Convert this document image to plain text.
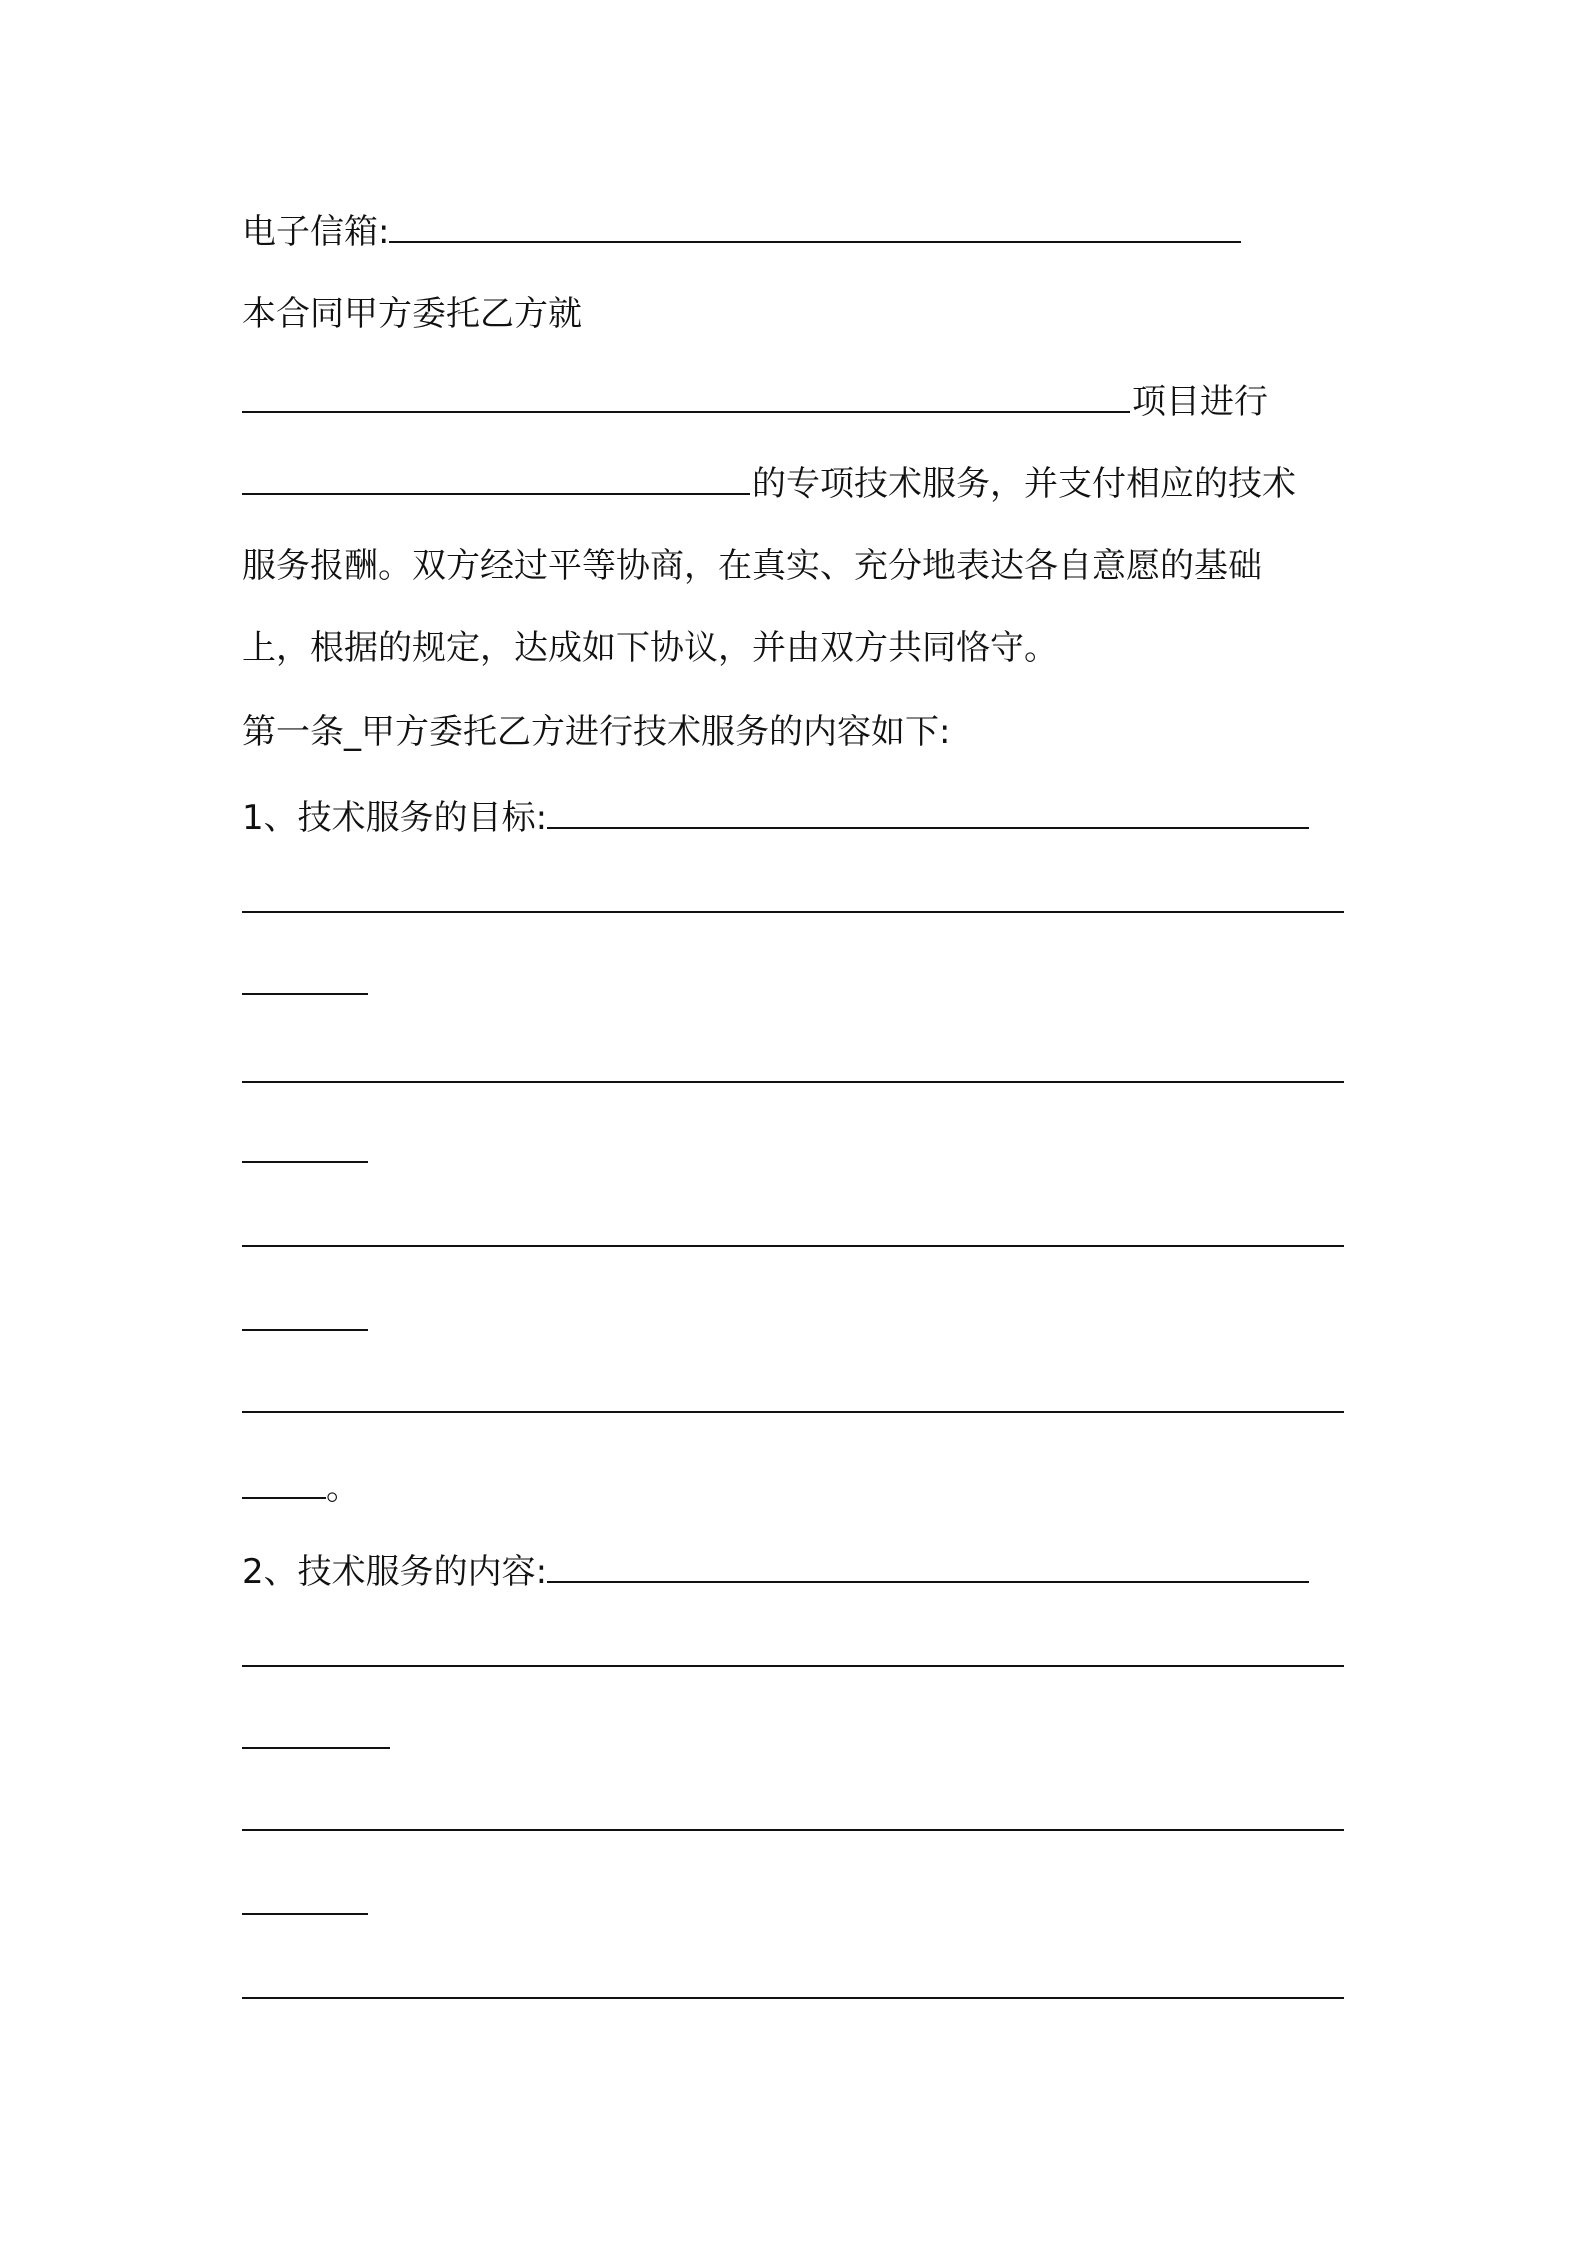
电子信箱:
本合同甲方委托乙方就
项目进行
的专项技术服务，并支付相应的技术
服务报酬。双方经过平等协商，在真实、充分地表达各自意愿的基础
上，根据的规定，达成如下协议，并由双方共同恪守。
第一条_甲方委托乙方进行技术服务的内容如下:
1、技术服务的目标:
。
2、技术服务的内容:
